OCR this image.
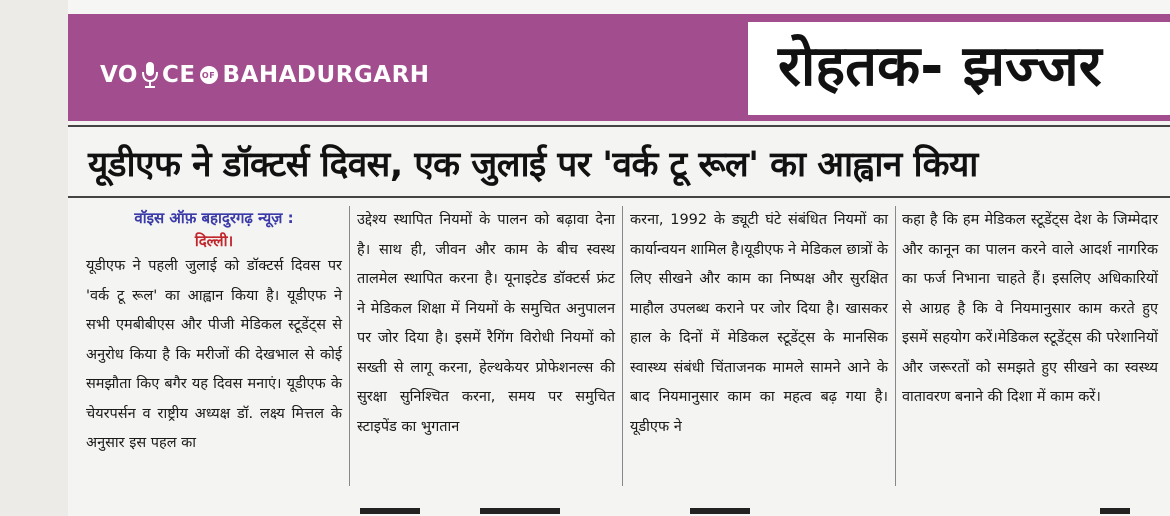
VO CE OF BAHADURGARH	रोहतक- झज्जर
यूडीएफ ने डॉक्टर्स दिवस, एक जुलाई पर 'वर्क टू रूल' का आह्वान किया
वॉइस ऑफ़ बहादुरगढ़ न्यूज़ :
दिल्ली।
यूडीएफ ने पहली जुलाई को डॉक्टर्स दिवस पर 'वर्क टू रूल' का आह्वान किया है। यूडीएफ ने सभी एमबीबीएस और पीजी मेडिकल स्टूडेंट्स से अनुरोध किया है कि मरीजों की देखभाल से कोई समझौता किए बगैर यह दिवस मनाएं। यूडीएफ के चेयरपर्सन व राष्ट्रीय अध्यक्ष डॉ. लक्ष्य मित्तल के अनुसार इस पहल का
उद्देश्य स्थापित नियमों के पालन को बढ़ावा देना है। साथ ही, जीवन और काम के बीच स्वस्थ तालमेल स्थापित करना है। यूनाइटेड डॉक्टर्स फ्रंट ने मेडिकल शिक्षा में नियमों के समुचित अनुपालन पर जोर दिया है। इसमें रैगिंग विरोधी नियमों को सख्ती से लागू करना, हेल्थकेयर प्रोफेशनल्स की सुरक्षा सुनिश्चित करना, समय पर समुचित स्टाइपेंड का भुगतान
करना, 1992 के ड्यूटी घंटे संबंधित नियमों का कार्यान्वयन शामिल है।यूडीएफ ने मेडिकल छात्रों के लिए सीखने और काम का निष्पक्ष और सुरक्षित माहौल उपलब्ध कराने पर जोर दिया है। खासकर हाल के दिनों में मेडिकल स्टूडेंट्स के मानसिक स्वास्थ्य संबंधी चिंताजनक मामले सामने आने के बाद नियमानुसार काम का महत्व बढ़ गया है। यूडीएफ ने
कहा है कि हम मेडिकल स्टूडेंट्स देश के जिम्मेदार और कानून का पालन करने वाले आदर्श नागरिक का फर्ज निभाना चाहते हैं। इसलिए अधिकारियों से आग्रह है कि वे नियमानुसार काम करते हुए इसमें सहयोग करें।मेडिकल स्टूडेंट्स की परेशानियों और जरूरतों को समझते हुए सीखने का स्वस्थ्य वातावरण बनाने की दिशा में काम करें।
